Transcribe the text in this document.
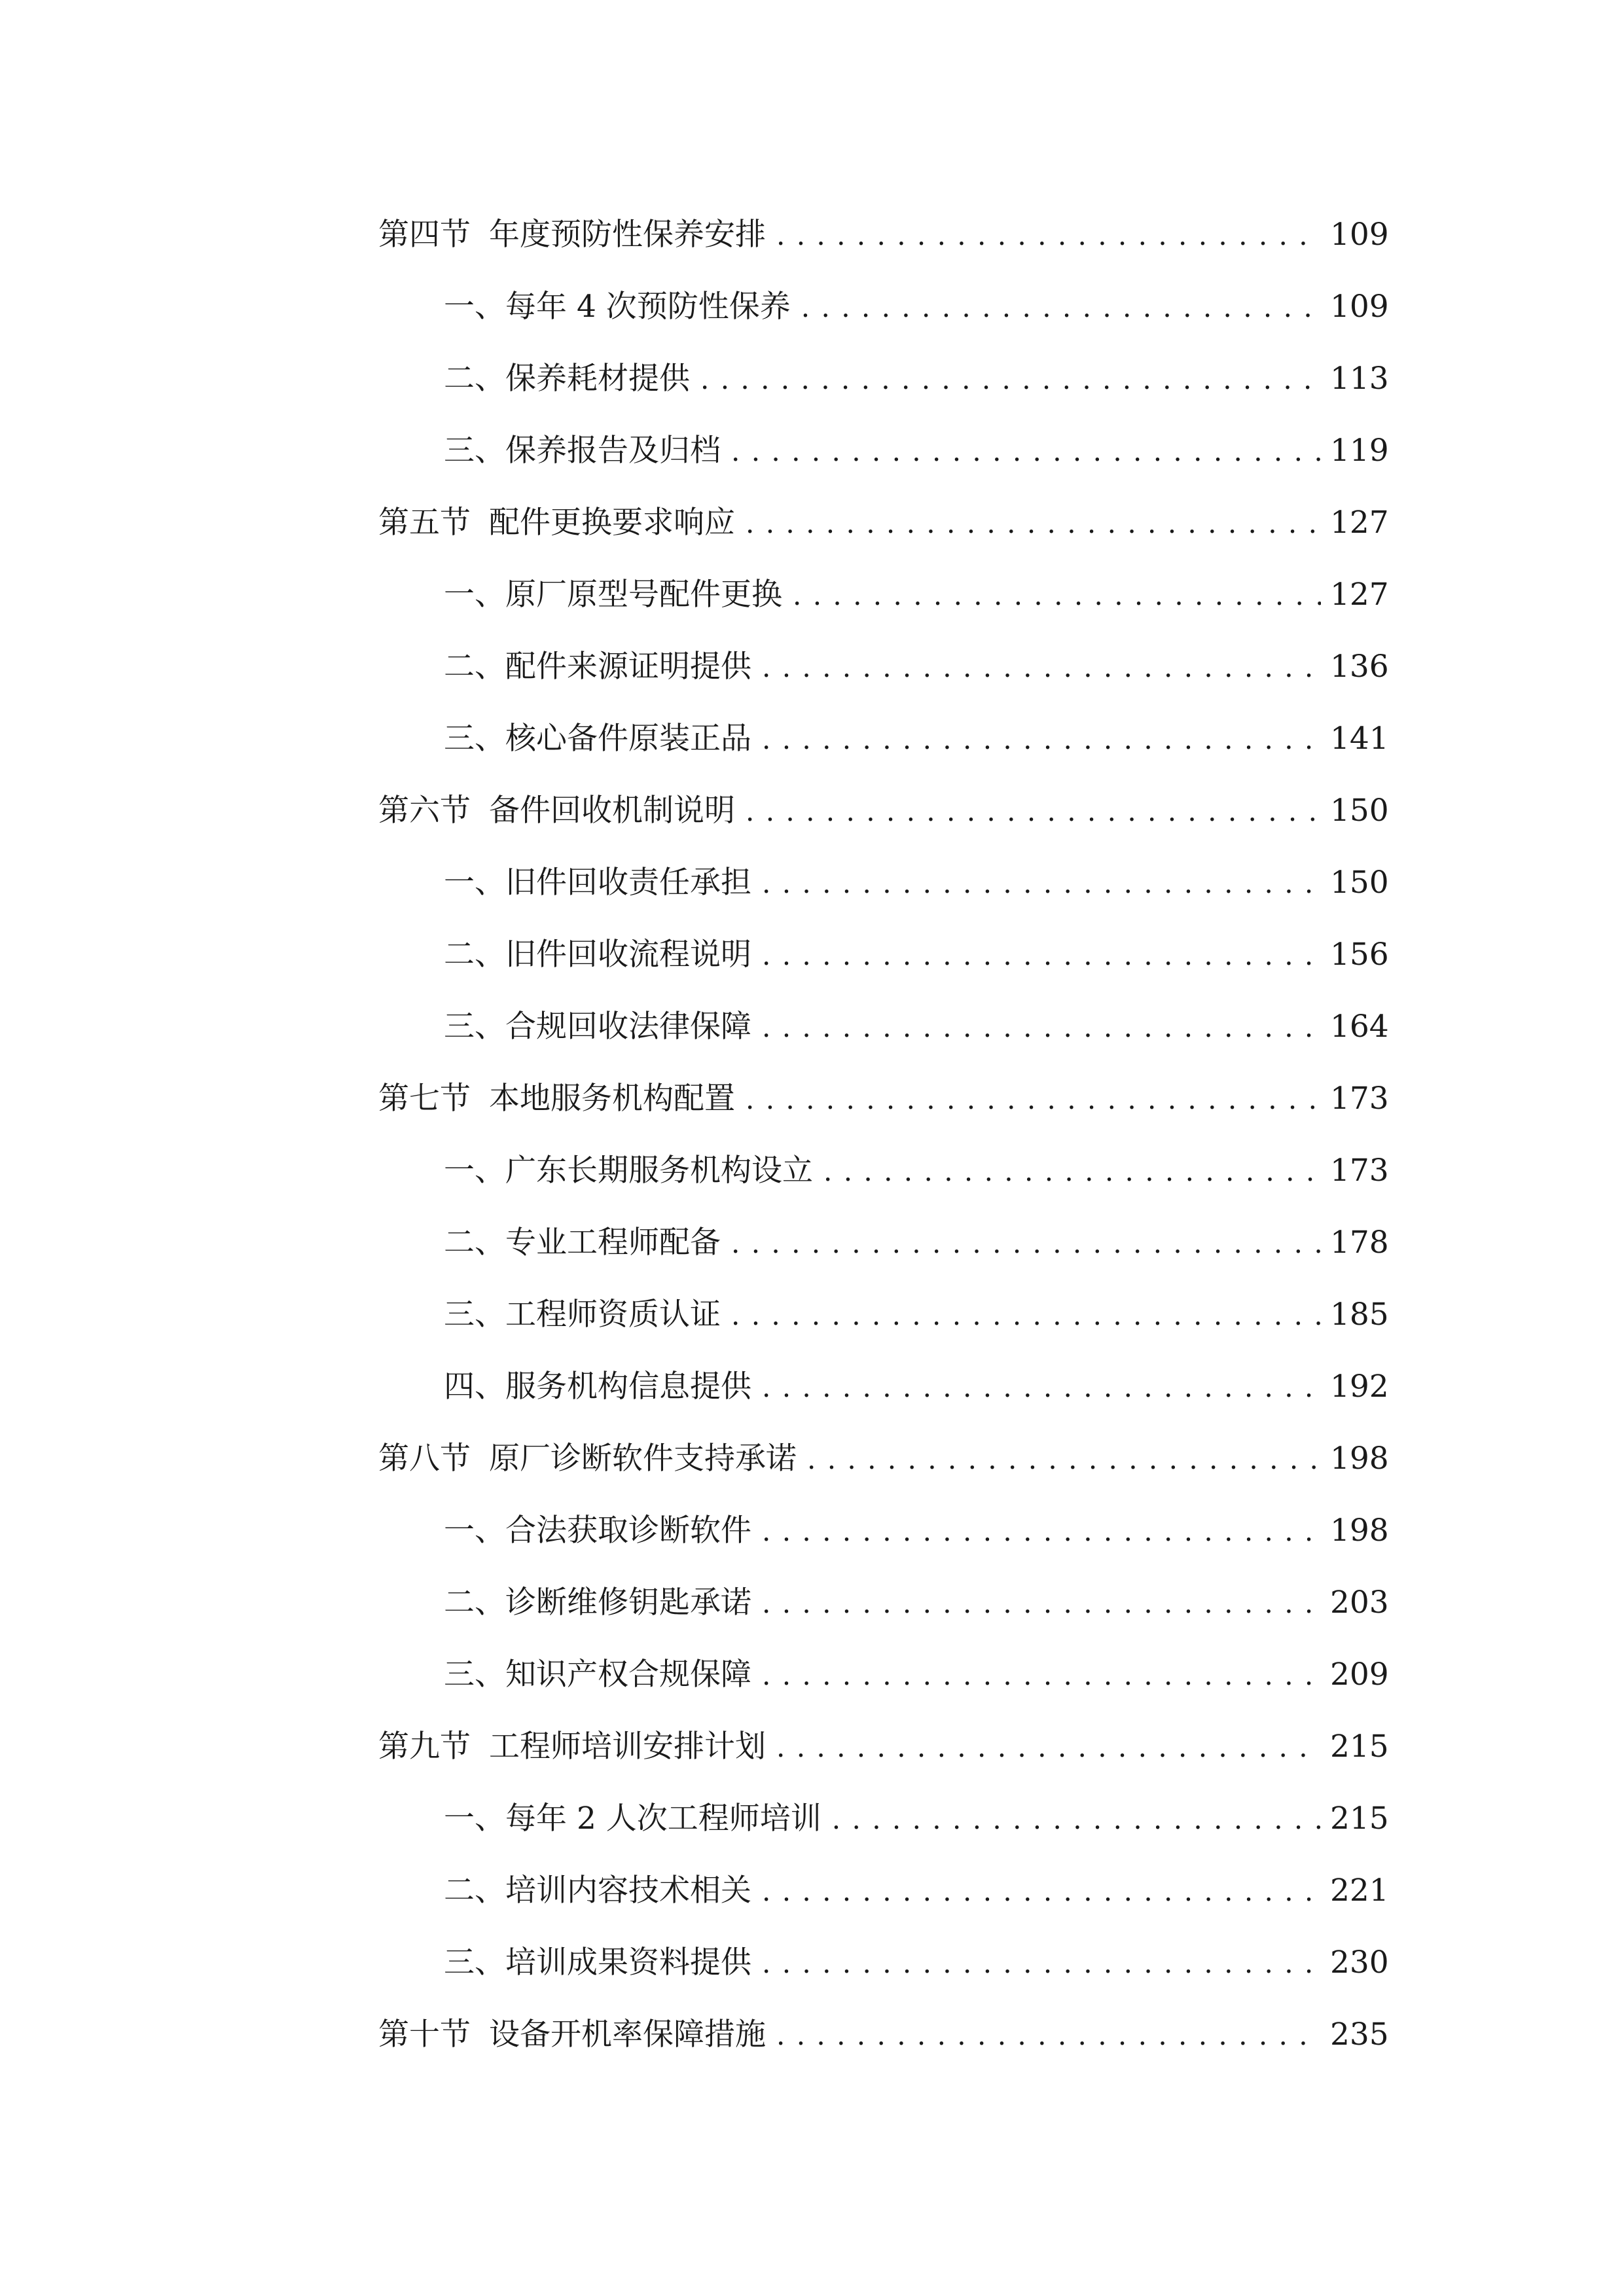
第四节 年度预防性保养安排 . . .	109
一、 每年 4 次预防性保养 . . .	109
二、 保养耗材提供 . . .	113
三、 保养报告及归档 . . .	119
第五节 配件更换要求响应 . . .	127
一、 原厂原型号配件更换 . . .	127
二、 配件来源证明提供 . . .	136
三、 核心备件原装正品 . . .	141
第六节 备件回收机制说明 . . .	150
一、 旧件回收责任承担 . . .	150
二、 旧件回收流程说明 . . .	156
三、 合规回收法律保障 . . .	164
第七节 本地服务机构配置 . . .	173
一、 广东长期服务机构设立 . . .	173
二、 专业工程师配备 . . .	178
三、 工程师资质认证 . . .	185
四、 服务机构信息提供 . . .	192
第八节 原厂诊断软件支持承诺 . . .	198
一、 合法获取诊断软件 . . .	198
二、 诊断维修钥匙承诺 . . .	203
三、 知识产权合规保障 . . .	209
第九节 工程师培训安排计划 . . .	215
一、 每年 2 人次工程师培训 . . .	215
二、 培训内容技术相关 . . .	221
三、 培训成果资料提供 . . .	230
第十节 设备开机率保障措施 . . .	235
